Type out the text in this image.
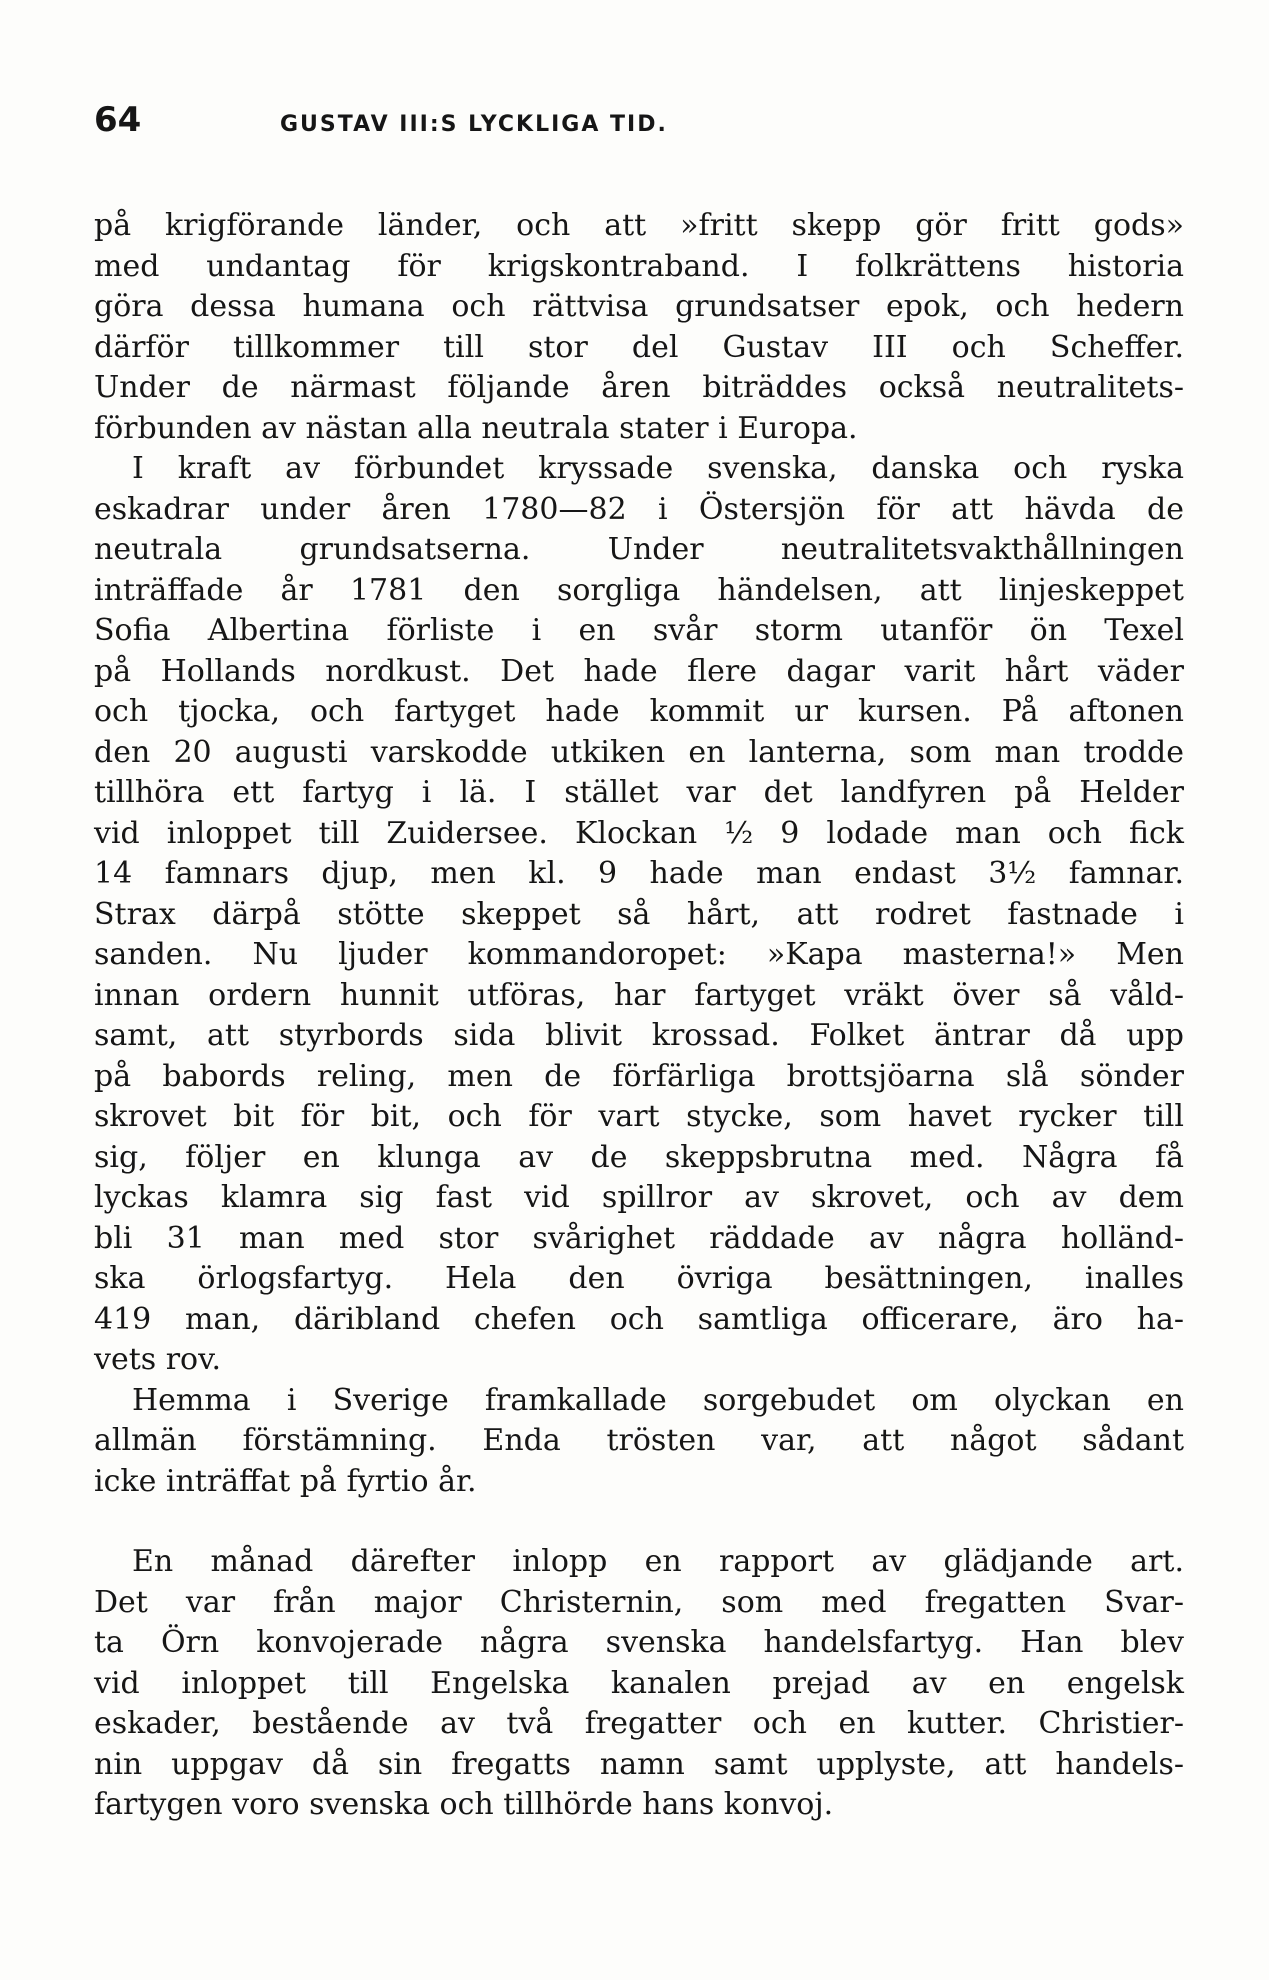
64	GUSTAV III:S LYCKLIGA TID.
på krigförande länder, och att »fritt skepp gör fritt gods»
med undantag för krigskontraband. I folkrättens historia
göra dessa humana och rättvisa grundsatser epok, och hedern
därför tillkommer till stor del Gustav III och Scheffer.
Under de närmast följande åren biträddes också neutralitets-
förbunden av nästan alla neutrala stater i Europa.
I kraft av förbundet kryssade svenska, danska och ryska
eskadrar under åren 1780—82 i Östersjön för att hävda de
neutrala grundsatserna. Under neutralitetsvakthållningen
inträffade år 1781 den sorgliga händelsen, att linjeskeppet
Sofia Albertina förliste i en svår storm utanför ön Texel
på Hollands nordkust. Det hade flere dagar varit hårt väder
och tjocka, och fartyget hade kommit ur kursen. På aftonen
den 20 augusti varskodde utkiken en lanterna, som man trodde
tillhöra ett fartyg i lä. I stället var det landfyren på Helder
vid inloppet till Zuidersee. Klockan ½ 9 lodade man och fick
14 famnars djup, men kl. 9 hade man endast 3½ famnar.
Strax därpå stötte skeppet så hårt, att rodret fastnade i
sanden. Nu ljuder kommandoropet: »Kapa masterna!» Men
innan ordern hunnit utföras, har fartyget vräkt över så våld-
samt, att styrbords sida blivit krossad. Folket äntrar då upp
på babords reling, men de förfärliga brottsjöarna slå sönder
skrovet bit för bit, och för vart stycke, som havet rycker till
sig, följer en klunga av de skeppsbrutna med. Några få
lyckas klamra sig fast vid spillror av skrovet, och av dem
bli 31 man med stor svårighet räddade av några holländ-
ska örlogsfartyg. Hela den övriga besättningen, inalles
419 man, däribland chefen och samtliga officerare, äro ha-
vets rov.
Hemma i Sverige framkallade sorgebudet om olyckan en
allmän förstämning. Enda trösten var, att något sådant
icke inträffat på fyrtio år.
En månad därefter inlopp en rapport av glädjande art.
Det var från major Christernin, som med fregatten Svar-
ta Örn konvojerade några svenska handelsfartyg. Han blev
vid inloppet till Engelska kanalen prejad av en engelsk
eskader, bestående av två fregatter och en kutter. Christier-
nin uppgav då sin fregatts namn samt upplyste, att handels-
fartygen voro svenska och tillhörde hans konvoj.
